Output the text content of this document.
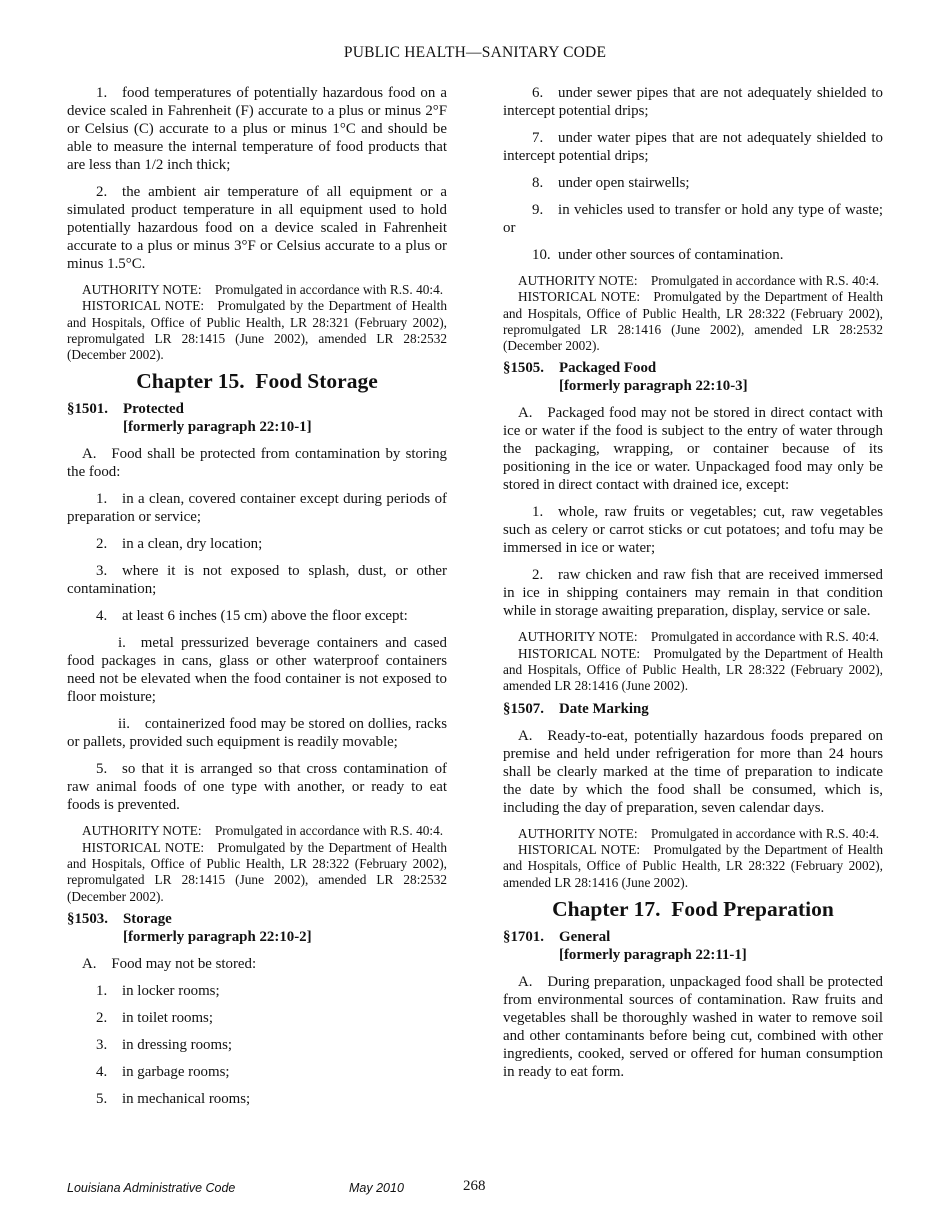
PUBLIC HEALTH—SANITARY CODE

1. food temperatures of potentially hazardous food on a device scaled in Fahrenheit (F) accurate to a plus or minus 2°F or Celsius (C) accurate to a plus or minus 1°C and should be able to measure the internal temperature of food products that are less than 1/2 inch thick;

2. the ambient air temperature of all equipment or a simulated product temperature in all equipment used to hold potentially hazardous food on a device scaled in Fahrenheit accurate to a plus or minus 3°F or Celsius accurate to a plus or minus 1.5°C.

AUTHORITY NOTE: Promulgated in accordance with R.S. 40:4.

HISTORICAL NOTE: Promulgated by the Department of Health and Hospitals, Office of Public Health, LR 28:321 (February 2002), repromulgated LR 28:1415 (June 2002), amended LR 28:2532 (December 2002).

Chapter 15. Food Storage
§1501.	Protected
[formerly paragraph 22:10-1]

A. Food shall be protected from contamination by storing the food:

1. in a clean, covered container except during periods of preparation or service;

2. in a clean, dry location;

3. where it is not exposed to splash, dust, or other contamination;

4. at least 6 inches (15 cm) above the floor except:

i. metal pressurized beverage containers and cased food packages in cans, glass or other waterproof containers need not be elevated when the food container is not exposed to floor moisture;

ii. containerized food may be stored on dollies, racks or pallets, provided such equipment is readily movable;

5. so that it is arranged so that cross contamination of raw animal foods of one type with another, or ready to eat foods is prevented.

AUTHORITY NOTE: Promulgated in accordance with R.S. 40:4.

HISTORICAL NOTE: Promulgated by the Department of Health and Hospitals, Office of Public Health, LR 28:322 (February 2002), repromulgated LR 28:1415 (June 2002), amended LR 28:2532 (December 2002).

§1503.	Storage
[formerly paragraph 22:10-2]

A. Food may not be stored:

1. in locker rooms;
2. in toilet rooms;
3. in dressing rooms;
4. in garbage rooms;
5. in mechanical rooms;

6. under sewer pipes that are not adequately shielded to intercept potential drips;

7. under water pipes that are not adequately shielded to intercept potential drips;

8. under open stairwells;

9. in vehicles used to transfer or hold any type of waste; or

10. under other sources of contamination.

AUTHORITY NOTE: Promulgated in accordance with R.S. 40:4.

HISTORICAL NOTE: Promulgated by the Department of Health and Hospitals, Office of Public Health, LR 28:322 (February 2002), repromulgated LR 28:1416 (June 2002), amended LR 28:2532 (December 2002).

§1505.	Packaged Food
[formerly paragraph 22:10-3]

A. Packaged food may not be stored in direct contact with ice or water if the food is subject to the entry of water through the packaging, wrapping, or container because of its positioning in the ice or water. Unpackaged food may only be stored in direct contact with drained ice, except:

1. whole, raw fruits or vegetables; cut, raw vegetables such as celery or carrot sticks or cut potatoes; and tofu may be immersed in ice or water;

2. raw chicken and raw fish that are received immersed in ice in shipping containers may remain in that condition while in storage awaiting preparation, display, service or sale.

AUTHORITY NOTE: Promulgated in accordance with R.S. 40:4.

HISTORICAL NOTE: Promulgated by the Department of Health and Hospitals, Office of Public Health, LR 28:322 (February 2002), amended LR 28:1416 (June 2002).

§1507.	Date Marking

A. Ready-to-eat, potentially hazardous foods prepared on premise and held under refrigeration for more than 24 hours shall be clearly marked at the time of preparation to indicate the date by which the food shall be consumed, which is, including the day of preparation, seven calendar days.

AUTHORITY NOTE: Promulgated in accordance with R.S. 40:4.

HISTORICAL NOTE: Promulgated by the Department of Health and Hospitals, Office of Public Health, LR 28:322 (February 2002), amended LR 28:1416 (June 2002).

Chapter 17. Food Preparation
§1701.	General
[formerly paragraph 22:11-1]

A. During preparation, unpackaged food shall be protected from environmental sources of contamination. Raw fruits and vegetables shall be thoroughly washed in water to remove soil and other contaminants before being cut, combined with other ingredients, cooked, served or offered for human consumption in ready to eat form.

Louisiana Administrative Code	May 2010	268
